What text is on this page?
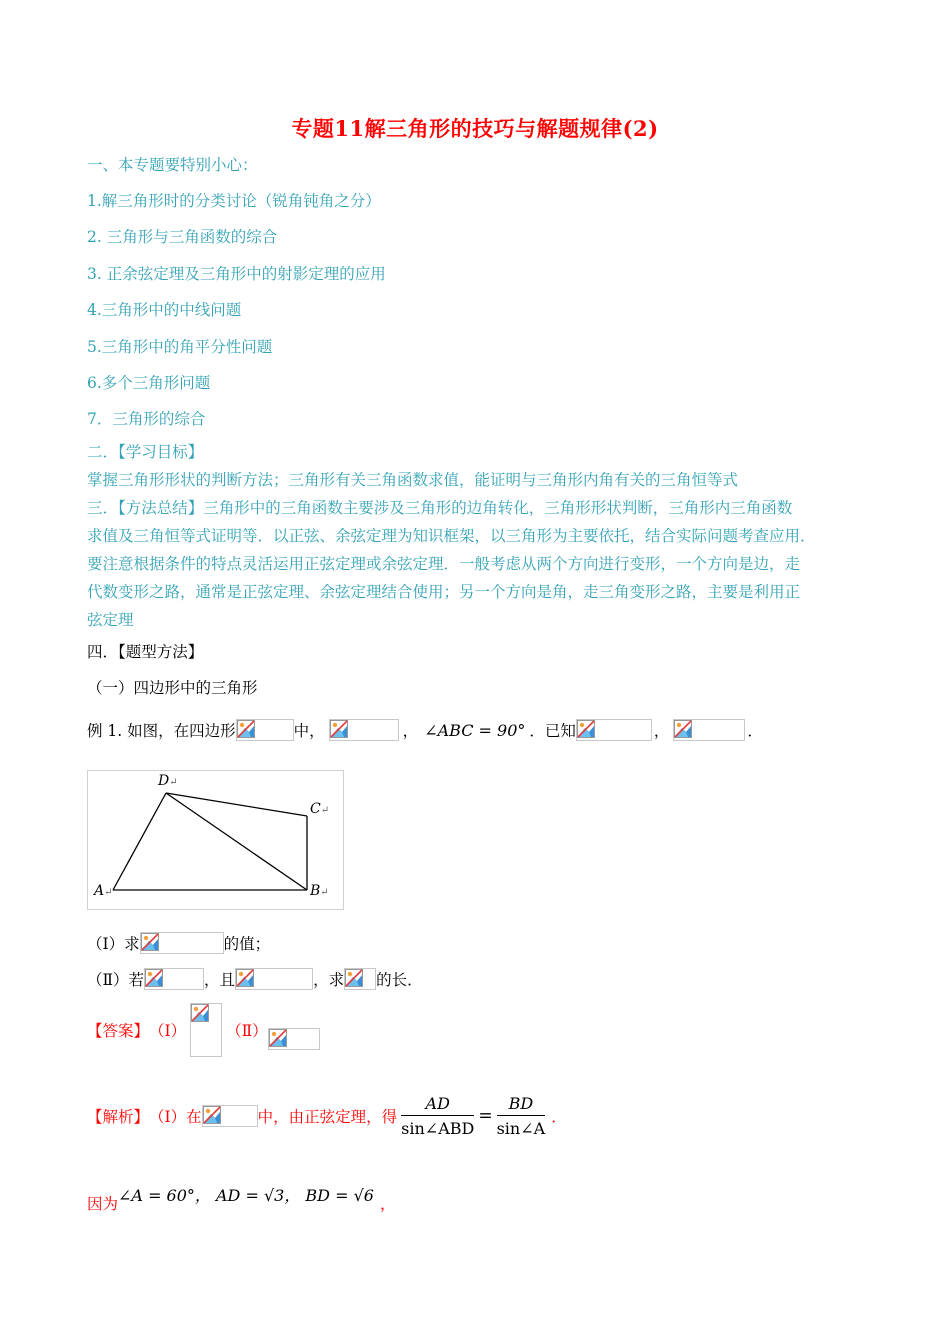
专题11解三角形的技巧与解题规律(2)
一、本专题要特别小心：
1.解三角形时的分类讨论（锐角钝角之分）
2. 三角形与三角函数的综合
3. 正余弦定理及三角形中的射影定理的应用
4.三角形中的中线问题
5.三角形中的角平分性问题
6.多个三角形问题
7．三角形的综合
二．【学习目标】
掌握三角形形状的判断方法；三角形有关三角函数求值，能证明与三角形内角有关的三角恒等式
三．【方法总结】三角形中的三角函数主要涉及三角形的边角转化，三角形形状判断，三角形内三角函数
求值及三角恒等式证明等．以正弦、余弦定理为知识框架，以三角形为主要依托，结合实际问题考查应用．
要注意根据条件的特点灵活运用正弦定理或余弦定理．一般考虑从两个方向进行变形，一个方向是边，走
代数变形之路，通常是正弦定理、余弦定理结合使用；另一个方向是角，走三角变形之路，主要是利用正
弦定理
四．【题型方法】
（一）四边形中的三角形
例 1. 如图，在四边形	中，	， ∠ABC = 90° ．已知	，	．
D↵
C↵
A↵	B↵
（Ⅰ）求	的值；
（Ⅱ）若	，且	，求 的长．
【答案】 （Ⅰ）	（Ⅱ）
【解析】 （Ⅰ）在	中，由正弦定理，得 $\frac{AD}{\text{sin∠ABD}} = \frac{BD}{\sin\angle A}$ ．
因为 ∠A = 60°， AD = √3， BD = √6 ，
